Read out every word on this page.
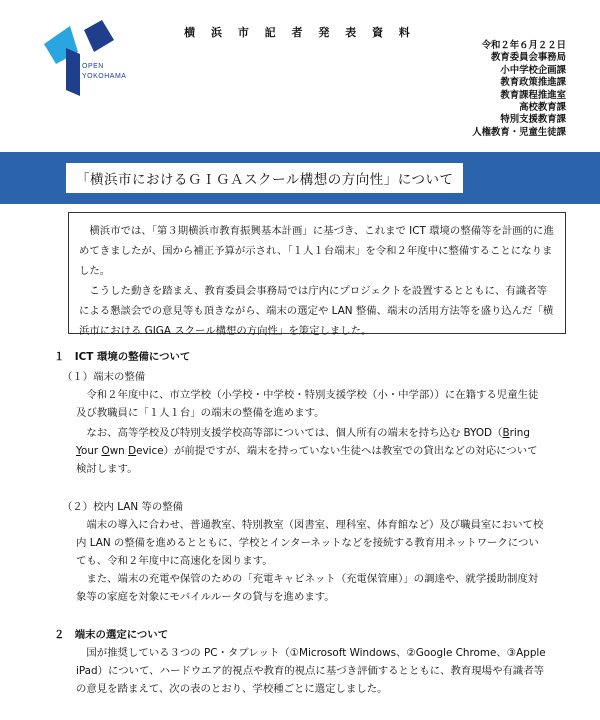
OPEN
YOKOHAMA
横 浜 市 記 者 発 表 資 料
令和２年６月２２日
教育委員会事務局
小中学校企画課
教育政策推進課
教育課程推進室
高校教育課
特別支援教育課
人権教育・児童生徒課
「横浜市におけるＧＩＧＡスクール構想の方向性」について

横浜市では、「第３期横浜市教育振興基本計画」に基づき、これまで ICT 環境の整備等を計画的に進めてきましたが、国から補正予算が示され、「１人１台端末」を令和２年度中に整備することになりました。

こうした動きを踏まえ、教育委員会事務局では庁内にプロジェクトを設置するとともに、有識者等による懇談会での意見等も頂きながら、端末の選定や LAN 整備、端末の活用方法等を盛り込んだ「横浜市における GIGA スクール構想の方向性」を策定しました。

１　ICT 環境の整備について
（１）端末の整備

令和２年度中に、市立学校（小学校・中学校・特別支援学校（小・中学部））に在籍する児童生徒及び教職員に「１人１台」の端末の整備を進めます。

なお、高等学校及び特別支援学校高等部については、個人所有の端末を持ち込む BYOD（Bring Your Own Device）が前提ですが、端末を持っていない生徒へは教室での貸出などの対応について検討します。

（２）校内 LAN 等の整備

端末の導入に合わせ、普通教室、特別教室（図書室、理科室、体育館など）及び職員室において校内 LAN の整備を進めるとともに、学校とインターネットなどを接続する教育用ネットワークについても、令和２年度中に高速化を図ります。

また、端末の充電や保管のための「充電キャビネット（充電保管庫）」の調達や、就学援助制度対象等の家庭を対象にモバイルルータの貸与を進めます。

２　端末の選定について

国が推奨している３つの PC・タブレット（①Microsoft Windows、②Google Chrome、③Apple iPad）について、ハードウエア的視点や教育的視点に基づき評価するとともに、教育現場や有識者等の意見を踏まえて、次の表のとおり、学校種ごとに選定しました。
